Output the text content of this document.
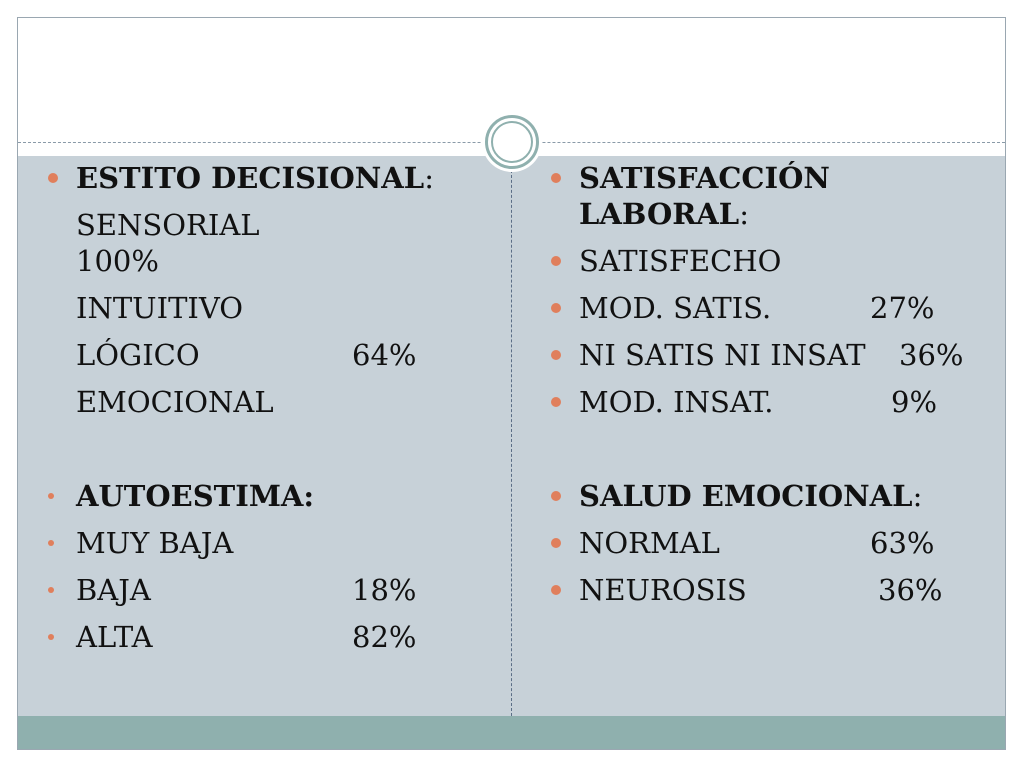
ESTITO DECISIONAL:
SENSORIAL
100%
INTUITIVO
LÓGICO	64%
EMOCIONAL
AUTOESTIMA:
MUY BAJA
BAJA	18%
ALTA	82%
SATISFACCIÓN LABORAL:
SATISFECHO
MOD. SATIS.	27%
NI SATIS NI INSAT 36%
MOD. INSAT.	9%
SALUD EMOCIONAL:
NORMAL	63%
NEUROSIS	36%
